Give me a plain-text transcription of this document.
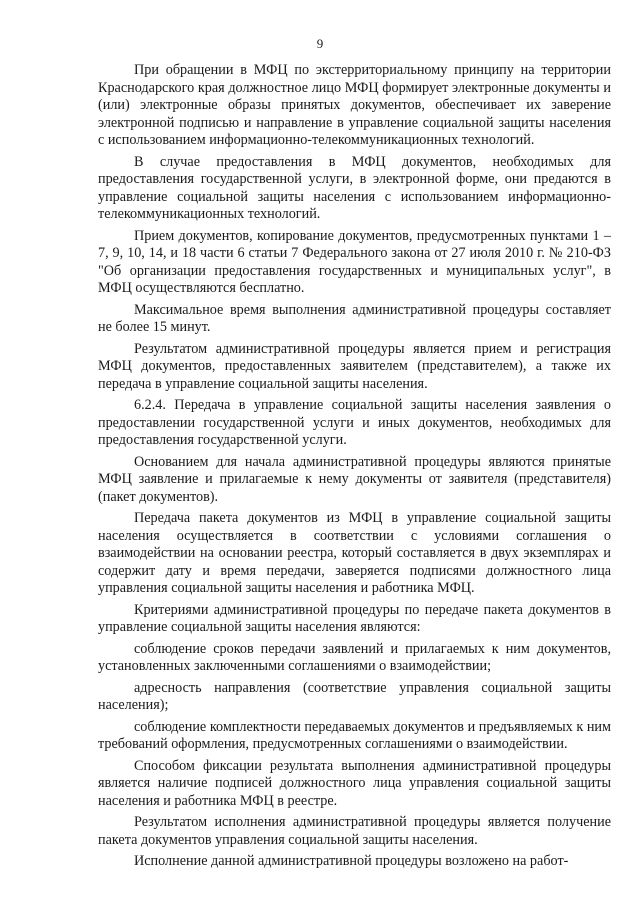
9

При обращении в МФЦ по экстерриториальному принципу на территории Краснодарского края должностное лицо МФЦ формирует электронные документы и (или) электронные образы принятых документов, обеспечивает их заверение электронной подписью и направление в управление социальной защиты населения с использованием информационно-телекоммуникационных технологий.

В случае предоставления в МФЦ документов, необходимых для предоставления государственной услуги, в электронной форме, они предаются в управление социальной защиты населения с использованием информационно-телекоммуникационных технологий.

Прием документов, копирование документов, предусмотренных пунктами 1 – 7, 9, 10, 14, и 18 части 6 статьи 7 Федерального закона от 27 июля 2010 г. № 210-ФЗ "Об организации предоставления государственных и муниципальных услуг", в МФЦ осуществляются бесплатно.

Максимальное время выполнения административной процедуры составляет не более 15 минут.

Результатом административной процедуры является прием и регистрация МФЦ документов, предоставленных заявителем (представителем), а также их передача в управление социальной защиты населения.

6.2.4. Передача в управление социальной защиты населения заявления о предоставлении государственной услуги и иных документов, необходимых для предоставления государственной услуги.

Основанием для начала административной процедуры являются принятые МФЦ заявление и прилагаемые к нему документы от заявителя (представителя) (пакет документов).

Передача пакета документов из МФЦ в управление социальной защиты населения осуществляется в соответствии с условиями соглашения о взаимодействии на основании реестра, который составляется в двух экземплярах и содержит дату и время передачи, заверяется подписями должностного лица управления социальной защиты населения и работника МФЦ.

Критериями административной процедуры по передаче пакета документов в управление социальной защиты населения являются:

соблюдение сроков передачи заявлений и прилагаемых к ним документов, установленных заключенными соглашениями о взаимодействии;

адресность направления (соответствие управления социальной защиты населения);

соблюдение комплектности передаваемых документов и предъявляемых к ним требований оформления, предусмотренных соглашениями о взаимодействии.

Способом фиксации результата выполнения административной процедуры является наличие подписей должностного лица управления социальной защиты населения и работника МФЦ в реестре.

Результатом исполнения административной процедуры является получение пакета документов управления социальной защиты населения.

Исполнение данной административной процедуры возложено на работ-
